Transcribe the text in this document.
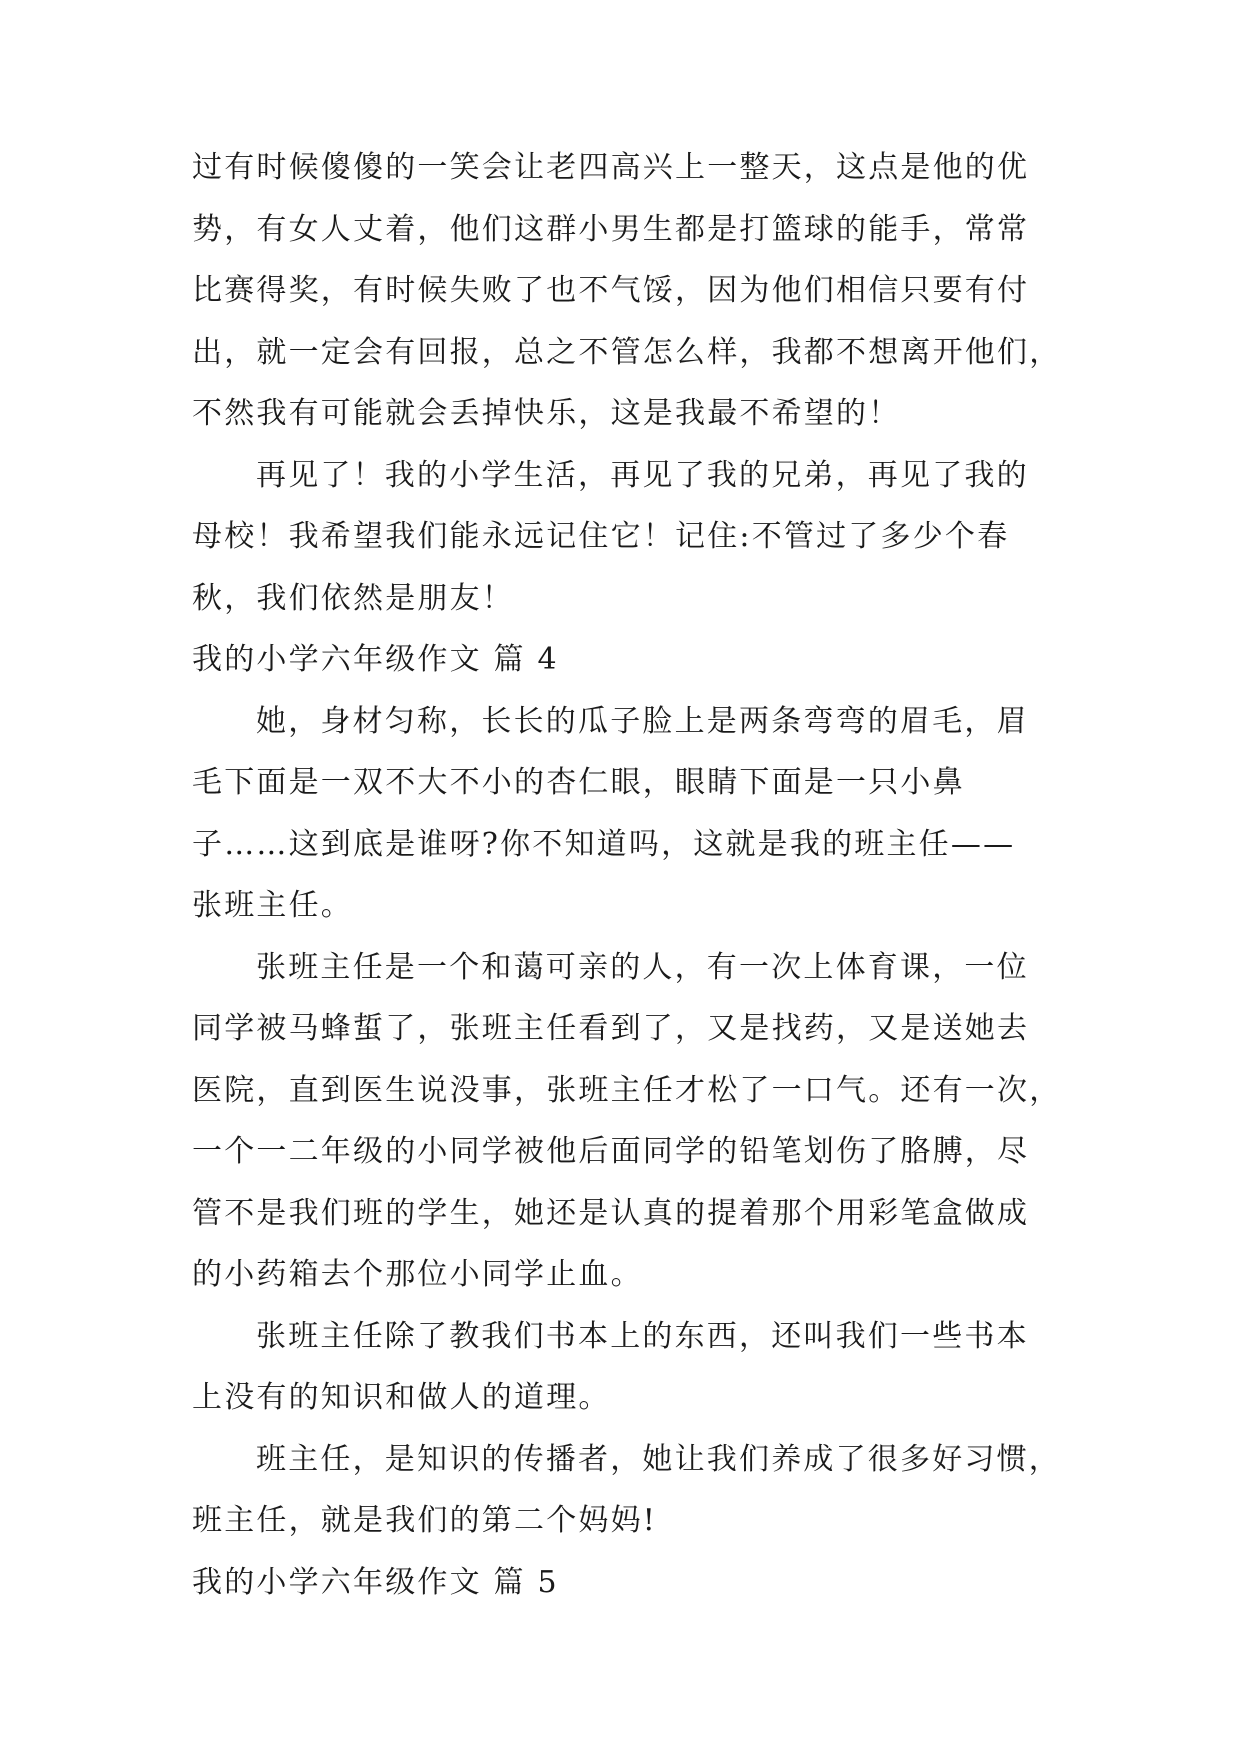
过有时候傻傻的一笑会让老四高兴上一整天，这点是他的优
势，有女人丈着，他们这群小男生都是打篮球的能手，常常
比赛得奖，有时候失败了也不气馁，因为他们相信只要有付
出，就一定会有回报，总之不管怎么样，我都不想离开他们，
不然我有可能就会丢掉快乐，这是我最不希望的！
再见了！我的小学生活，再见了我的兄弟，再见了我的
母校！我希望我们能永远记住它！记住:不管过了多少个春
秋，我们依然是朋友！
我的小学六年级作文 篇 4
她，身材匀称，长长的瓜子脸上是两条弯弯的眉毛，眉
毛下面是一双不大不小的杏仁眼，眼睛下面是一只小鼻
子……这到底是谁呀?你不知道吗，这就是我的班主任——
张班主任。
张班主任是一个和蔼可亲的人，有一次上体育课，一位
同学被马蜂蜇了，张班主任看到了，又是找药，又是送她去
医院，直到医生说没事，张班主任才松了一口气。还有一次，
一个一二年级的小同学被他后面同学的铅笔划伤了胳膊，尽
管不是我们班的学生，她还是认真的提着那个用彩笔盒做成
的小药箱去个那位小同学止血。
张班主任除了教我们书本上的东西，还叫我们一些书本
上没有的知识和做人的道理。
班主任，是知识的传播者，她让我们养成了很多好习惯，
班主任，就是我们的第二个妈妈!
我的小学六年级作文 篇 5
